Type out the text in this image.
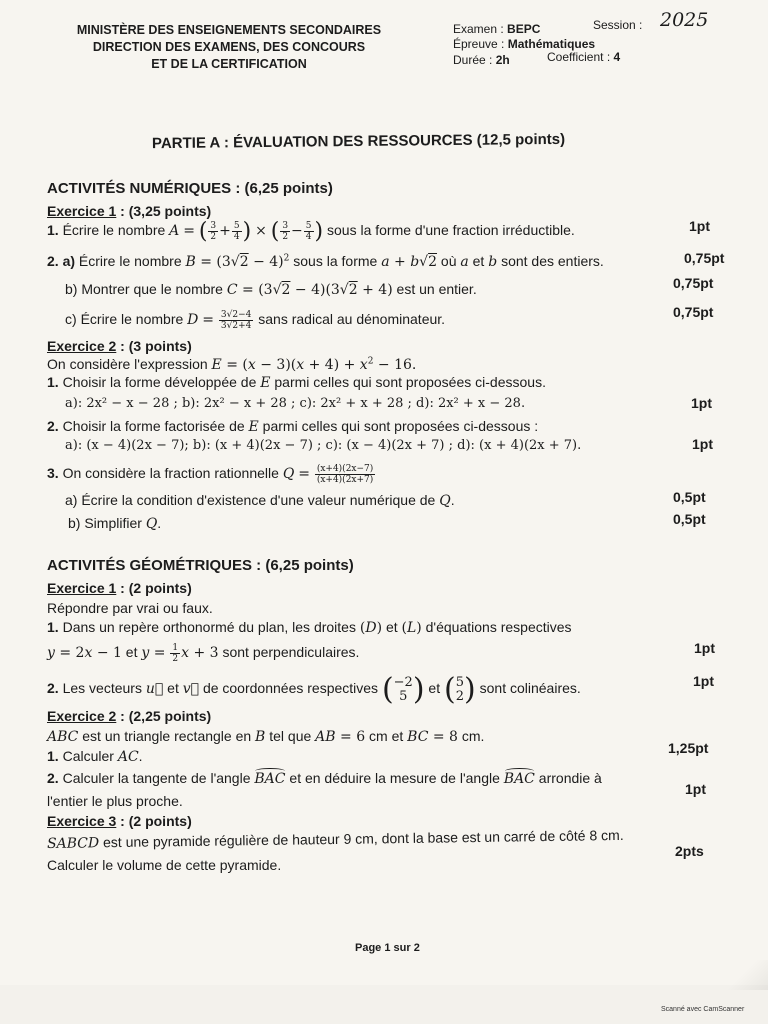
MINISTÈRE DES ENSEIGNEMENTS SECONDAIRES
DIRECTION DES EXAMENS, DES CONCOURS
ET DE LA CERTIFICATION
Examen : BEPC	Session : 2025
Épreuve : Mathématiques
Durée : 2h	Coefficient : 4
PARTIE A : ÉVALUATION DES RESSOURCES (12,5 points)
ACTIVITÉS NUMÉRIQUES : (6,25 points)
Exercice 1 : (3,25 points)
1. Écrire le nombre A = ( $\frac{3}{2} + \frac{5}{4}$ ) × ( $\frac{3}{2} - \frac{5}{4}$ ) sous la forme d'une fraction irréductible.	1pt
2. a) Écrire le nombre $B = (3√2 - 4)^2$ sous la forme a + b√2 où a et b sont des entiers.	0,75pt
b) Montrer que le nombre C = (3√2 − 4)(3√2 + 4) est un entier.	0,75pt
c) Écrire le nombre $D = \frac{3√2-4}{3√2+4}$ sans radical au dénominateur.	0,75pt
Exercice 2 : (3 points)
On considère l'expression $E = (x - 3)(x + 4) + x^2 - 16$.
1. Choisir la forme développée de E parmi celles qui sont proposées ci-dessous.
a): 2x² − x − 28 ; b): 2x² − x + 28 ; c): 2x² + x + 28 ; d): 2x² + x − 28.	1pt
2. Choisir la forme factorisée de E parmi celles qui sont proposées ci-dessous :
a): (x − 4)(2x − 7); b): (x + 4)(2x − 7) ; c): (x − 4)(2x + 7) ; d): (x + 4)(2x + 7).	1pt
3. On considère la fraction rationnelle $Q = \frac{(x+4)(2x-7)}{(x+4)(2x+7)}$
a) Écrire la condition d'existence d'une valeur numérique de Q.	0,5pt
b) Simplifier Q.	0,5pt
ACTIVITÉS GÉOMÉTRIQUES : (6,25 points)
Exercice 1 : (2 points)
Répondre par vrai ou faux.
1. Dans un repère orthonormé du plan, les droites (D) et (L) d'équations respectives
y = 2x − 1 et $y = \frac{1}{2}$ x + 3 sont perpendiculaires.	1pt
2. Les vecteurs u⃗ et v⃗ de coordonnées respectives (−2
5 ) et (5
2) sont colinéaires.	1pt
Exercice 2 : (2,25 points)
ABC est un triangle rectangle en B tel que AB = 6 cm et BC = 8 cm.
1. Calculer AC.	1,25pt
2. Calculer la tangente de l'angle BAC et en déduire la mesure de l'angle BAC arrondie à
l'entier le plus proche.
1pt
Exercice 3 : (2 points)
SABCD est une pyramide régulière de hauteur 9 cm, dont la base est un carré de côté 8 cm.
Calculer le volume de cette pyramide.
2pts
Page 1 sur 2
Scanné avec CamScanner
